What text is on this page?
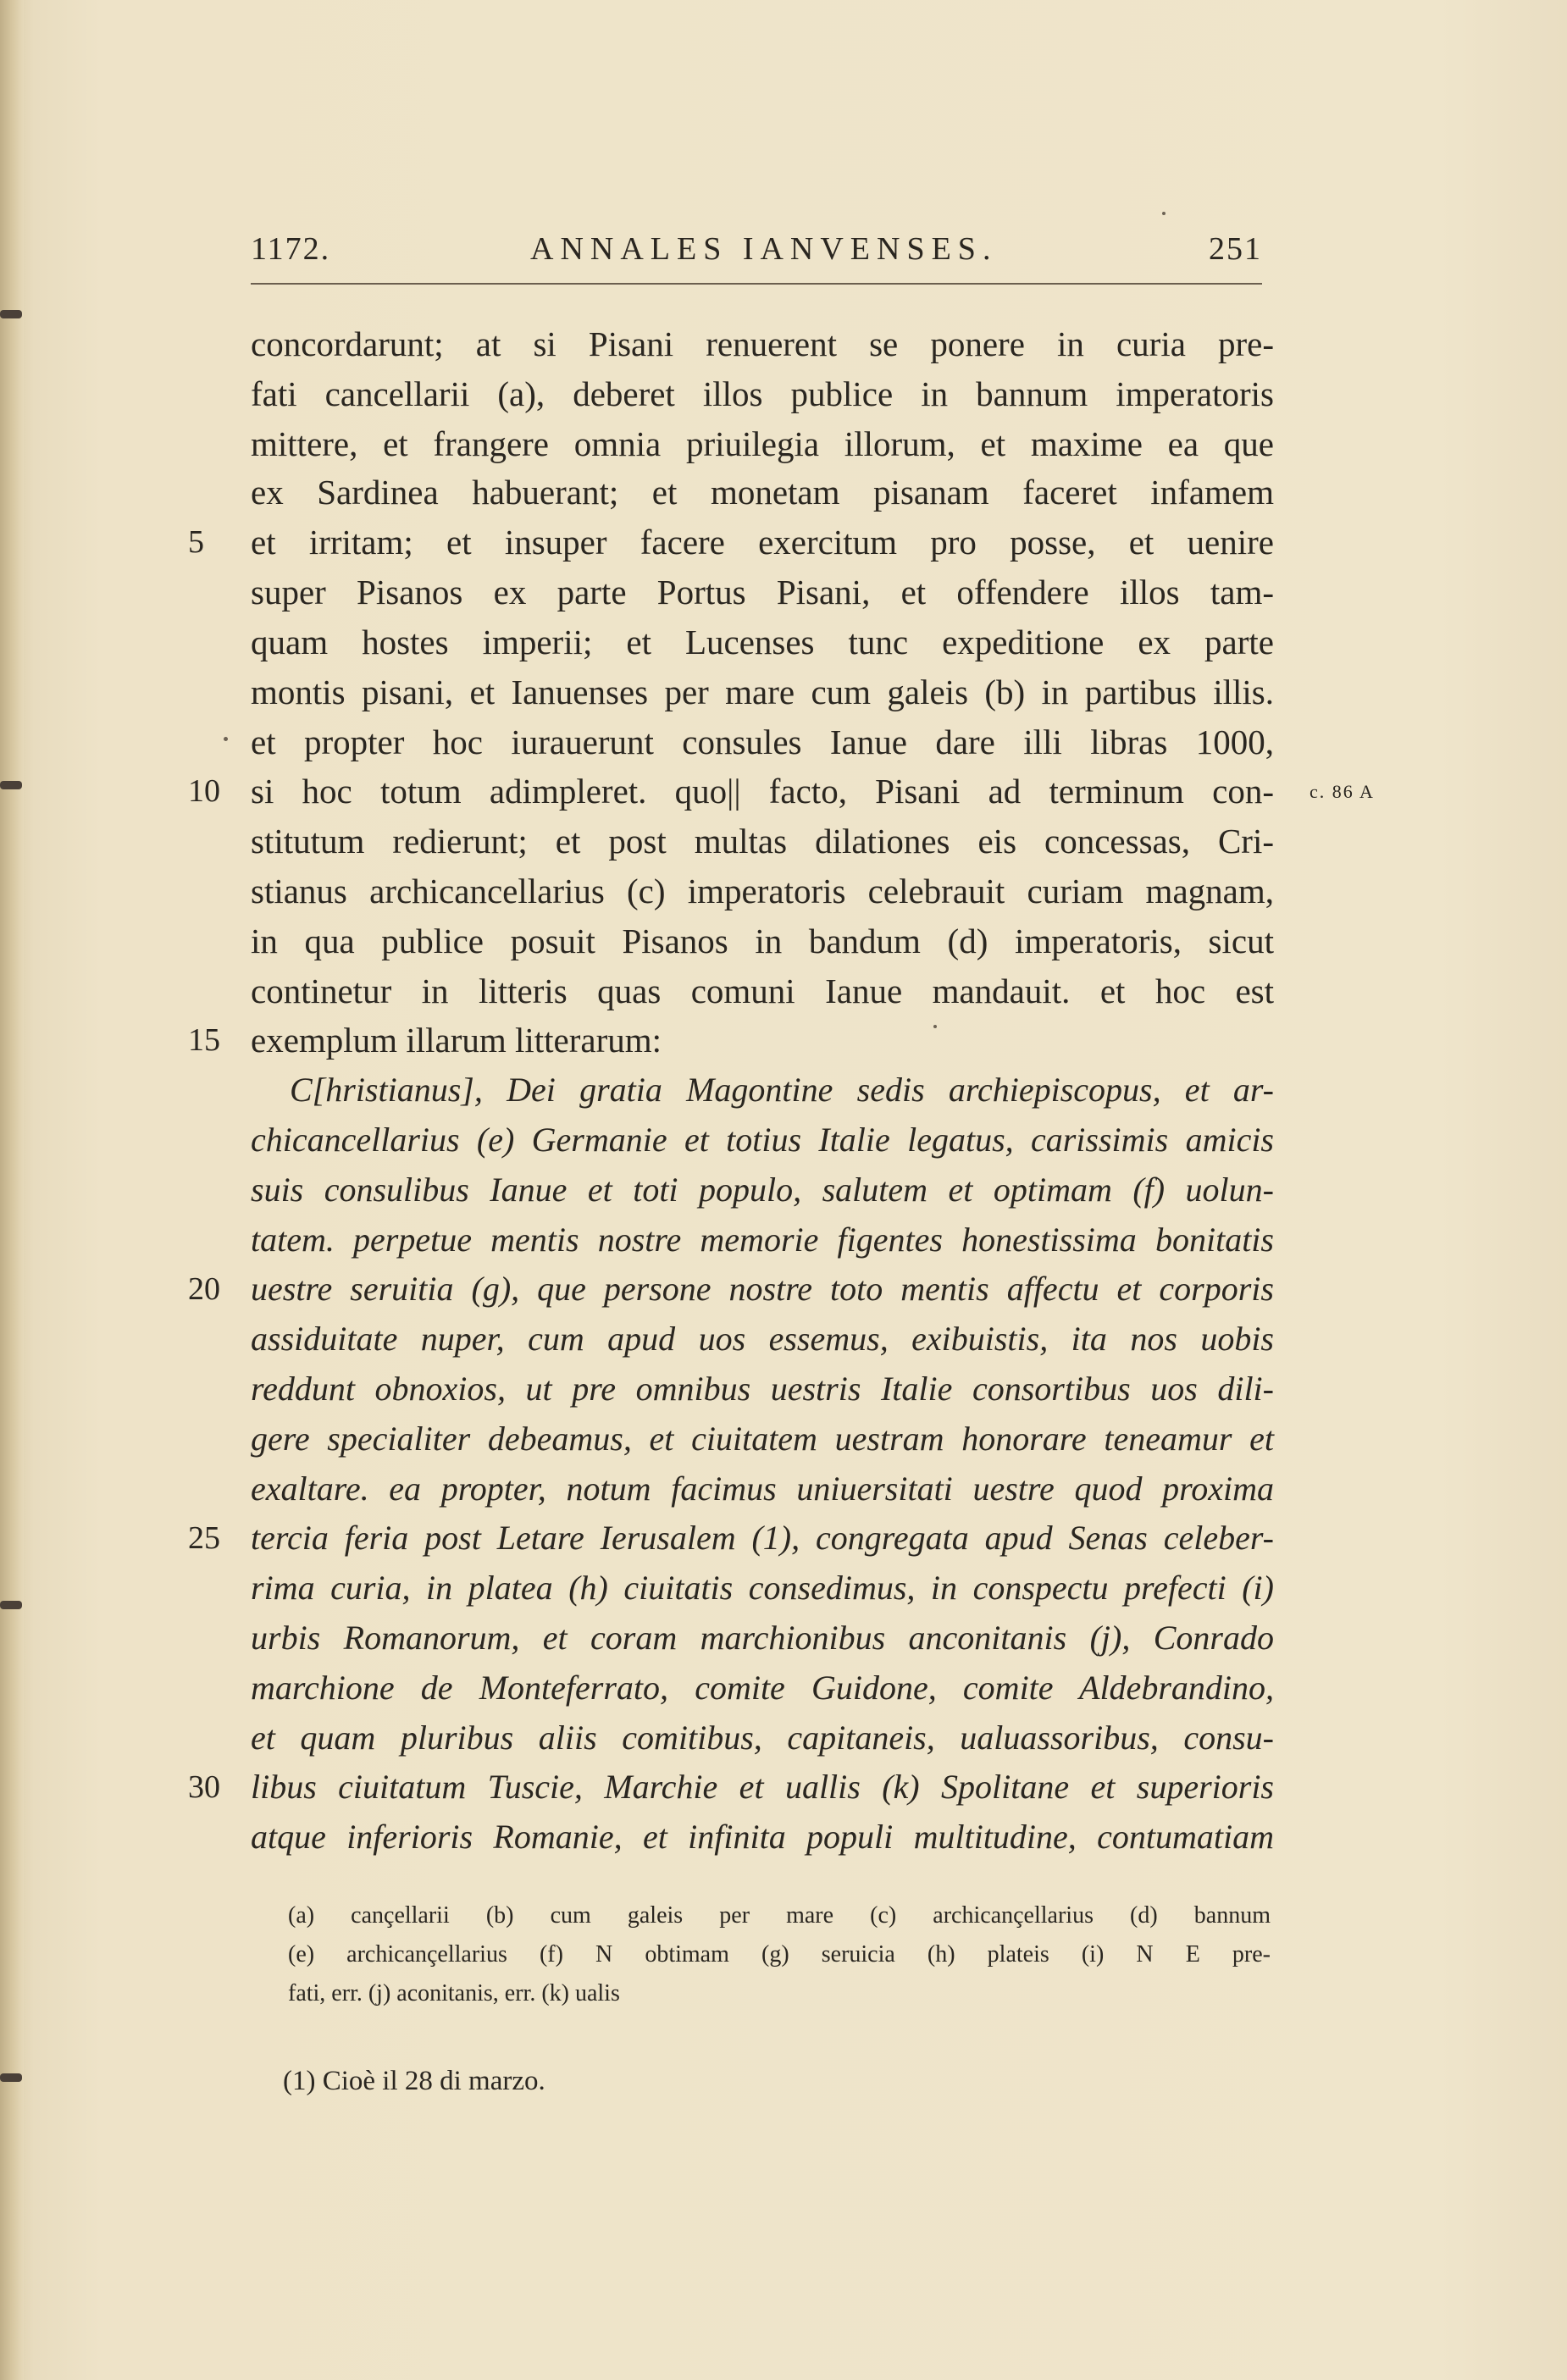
1172.	ANNALES IANVENSES.	251
5
10
15
20
25
30
c. 86 A
concordarunt; at si Pisani renuerent se ponere in curia pre-
fati cancellarii (a), deberet illos publice in bannum imperatoris
mittere, et frangere omnia priuilegia illorum, et maxime ea que
ex Sardinea habuerant; et monetam pisanam faceret infamem
et irritam; et insuper facere exercitum pro posse, et uenire
super Pisanos ex parte Portus Pisani, et offendere illos tam-
quam hostes imperii; et Lucenses tunc expeditione ex parte
montis pisani, et Ianuenses per mare cum galeis (b) in partibus illis.
et propter hoc iurauerunt consules Ianue dare illi libras 1000,
si hoc totum adimpleret. quo|| facto, Pisani ad terminum con-
stitutum redierunt; et post multas dilationes eis concessas, Cri-
stianus archicancellarius (c) imperatoris celebrauit curiam magnam,
in qua publice posuit Pisanos in bandum (d) imperatoris, sicut
continetur in litteris quas comuni Ianue mandauit. et hoc est
exemplum illarum litterarum:
C[hristianus], Dei gratia Magontine sedis archiepiscopus, et ar-
chicancellarius (e) Germanie et totius Italie legatus, carissimis amicis
suis consulibus Ianue et toti populo, salutem et optimam (f) uolun-
tatem. perpetue mentis nostre memorie figentes honestissima bonitatis
uestre seruitia (g), que persone nostre toto mentis affectu et corporis
assiduitate nuper, cum apud uos essemus, exibuistis, ita nos uobis
reddunt obnoxios, ut pre omnibus uestris Italie consortibus uos dili-
gere specialiter debeamus, et ciuitatem uestram honorare teneamur et
exaltare. ea propter, notum facimus uniuersitati uestre quod proxima
tercia feria post Letare Ierusalem (1), congregata apud Senas celeber-
rima curia, in platea (h) ciuitatis consedimus, in conspectu prefecti (i)
urbis Romanorum, et coram marchionibus anconitanis (j), Conrado
marchione de Monteferrato, comite Guidone, comite Aldebrandino,
et quam pluribus aliis comitibus, capitaneis, ualuassoribus, consu-
libus ciuitatum Tuscie, Marchie et uallis (k) Spolitane et superioris
atque inferioris Romanie, et infinita populi multitudine, contumatiam
(a) cançellarii (b) cum galeis per mare (c) archicançellarius (d) bannum
(e) archicançellarius (f) N obtimam (g) seruicia (h) plateis (i) N E pre-
fati, err. (j) aconitanis, err. (k) ualis
(1) Cioè il 28 di marzo.
